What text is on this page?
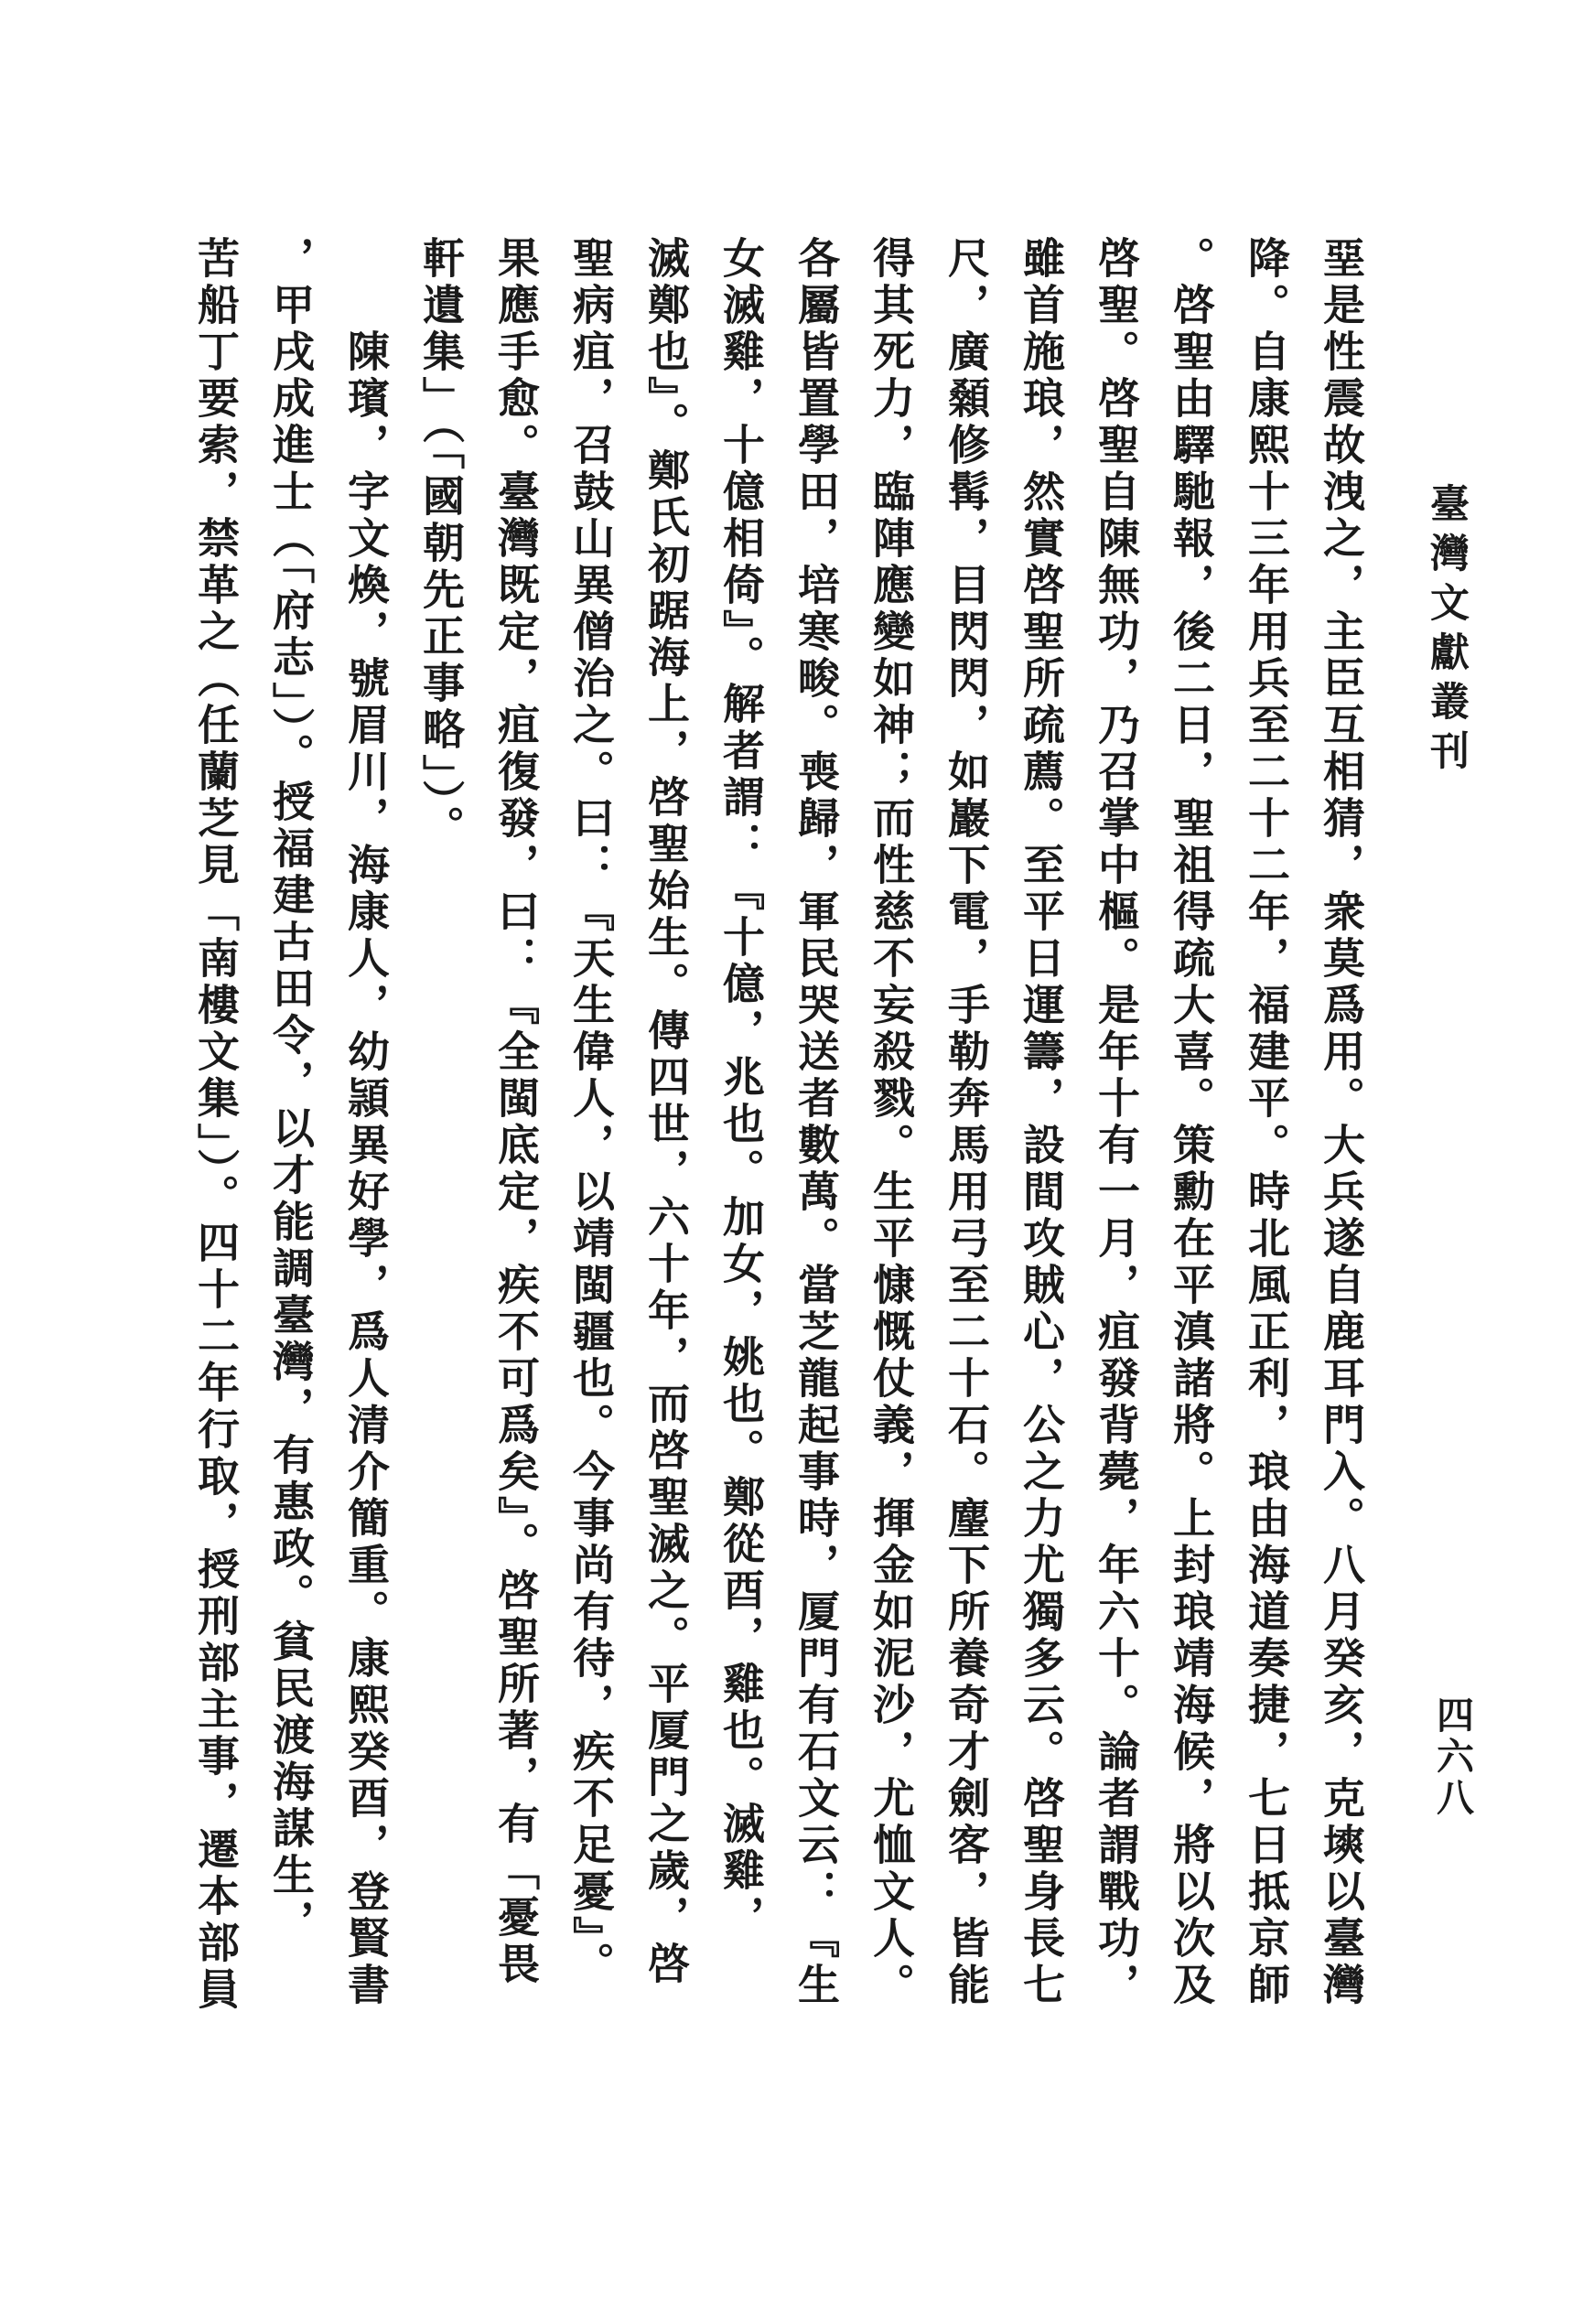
臺灣文獻叢刊
四六八
堊是性震故洩之，主臣互相猜，衆莫爲用。大兵遂自鹿耳門入。八月癸亥，克塽以臺灣
降。自康熙十三年用兵至二十二年，福建平。時北風正利，琅由海道奏捷，七日抵京師
。啓聖由驛馳報，後二日，聖祖得疏大喜。策勳在平滇諸將。上封琅靖海候，將以次及
啓聖。啓聖自陳無功，乃召掌中樞。是年十有一月，疽發背薨，年六十。論者謂戰功，
雖首施琅，然實啓聖所疏薦。至平日運籌，設間攻賊心，公之力尤獨多云。啓聖身長七
尺，廣顙修髯，目閃閃，如巖下電，手勒奔馬用弓至二十石。麈下所養奇才劍客，皆能
得其死力，臨陣應變如神；而性慈不妄殺戮。生平慷慨仗義，揮金如泥沙，尤恤文人。
各屬皆置學田，培寒畯。喪歸，軍民哭送者數萬。當芝龍起事時，厦門有石文云：『生
女滅雞，十億相倚』。解者謂：『十億，兆也。加女，姚也。鄭從酉，雞也。滅雞，
滅鄭也』。鄭氏初踞海上，啓聖始生。傳四世，六十年，而啓聖滅之。平厦門之歲，啓
聖病疽，召鼓山異僧治之。曰：『天生偉人，以靖閩疆也。今事尚有待，疾不足憂』。
果應手愈。臺灣既定，疽復發，曰：『全閩底定，疾不可爲矣』。啓聖所著，有「憂畏
軒遺集」（「國朝先正事略」）。
陳璸，字文煥，號眉川，海康人，幼頴異好學，爲人清介簡重。康熙癸酉，登賢書
，甲戌成進士（「府志」）。授福建古田令，以才能調臺灣，有惠政。貧民渡海謀生，
苦船丁要索，禁革之（任蘭芝見「南樓文集」）。四十二年行取，授刑部主事，遷本部員
